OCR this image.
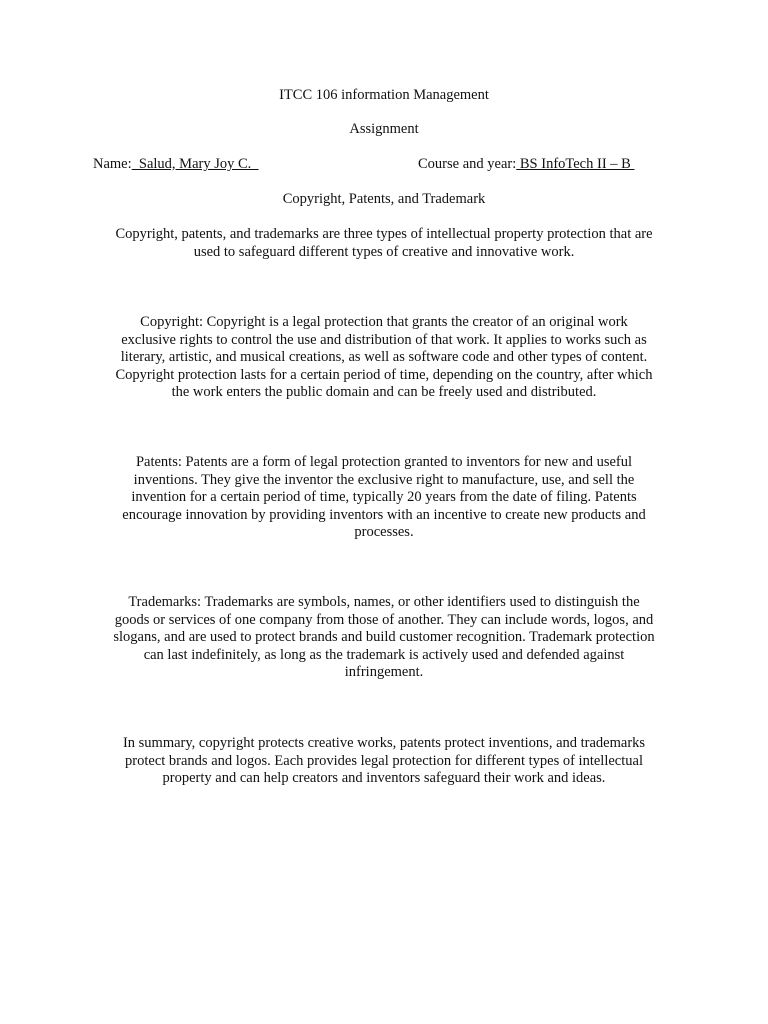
ITCC 106 information Management
Assignment
Name:  Salud, Mary Joy C.	Course and year: BS InfoTech II – B
Copyright, Patents, and Trademark
Copyright, patents, and trademarks are three types of intellectual property protection that are
used to safeguard different types of creative and innovative work.
Copyright: Copyright is a legal protection that grants the creator of an original work
exclusive rights to control the use and distribution of that work. It applies to works such as
literary, artistic, and musical creations, as well as software code and other types of content.
Copyright protection lasts for a certain period of time, depending on the country, after which
the work enters the public domain and can be freely used and distributed.
Patents: Patents are a form of legal protection granted to inventors for new and useful
inventions. They give the inventor the exclusive right to manufacture, use, and sell the
invention for a certain period of time, typically 20 years from the date of filing. Patents
encourage innovation by providing inventors with an incentive to create new products and
processes.
Trademarks: Trademarks are symbols, names, or other identifiers used to distinguish the
goods or services of one company from those of another. They can include words, logos, and
slogans, and are used to protect brands and build customer recognition. Trademark protection
can last indefinitely, as long as the trademark is actively used and defended against
infringement.
In summary, copyright protects creative works, patents protect inventions, and trademarks
protect brands and logos. Each provides legal protection for different types of intellectual
property and can help creators and inventors safeguard their work and ideas.
